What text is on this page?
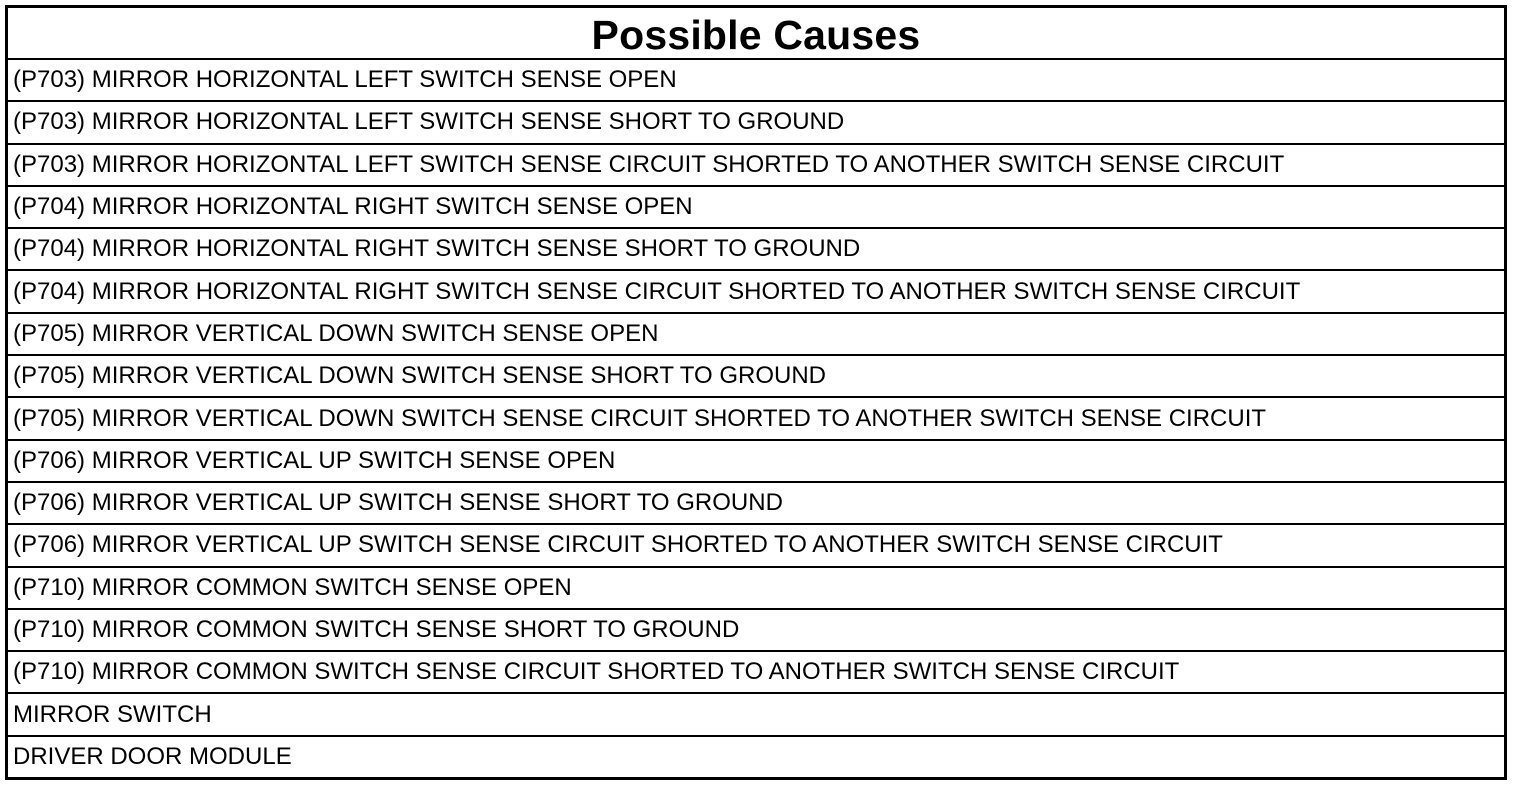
Possible Causes
(P703) MIRROR HORIZONTAL LEFT SWITCH SENSE OPEN
(P703) MIRROR HORIZONTAL LEFT SWITCH SENSE SHORT TO GROUND
(P703) MIRROR HORIZONTAL LEFT SWITCH SENSE CIRCUIT SHORTED TO ANOTHER SWITCH SENSE CIRCUIT
(P704) MIRROR HORIZONTAL RIGHT SWITCH SENSE OPEN
(P704) MIRROR HORIZONTAL RIGHT SWITCH SENSE SHORT TO GROUND
(P704) MIRROR HORIZONTAL RIGHT SWITCH SENSE CIRCUIT SHORTED TO ANOTHER SWITCH SENSE CIRCUIT
(P705) MIRROR VERTICAL DOWN SWITCH SENSE OPEN
(P705) MIRROR VERTICAL DOWN SWITCH SENSE SHORT TO GROUND
(P705) MIRROR VERTICAL DOWN SWITCH SENSE CIRCUIT SHORTED TO ANOTHER SWITCH SENSE CIRCUIT
(P706) MIRROR VERTICAL UP SWITCH SENSE OPEN
(P706) MIRROR VERTICAL UP SWITCH SENSE SHORT TO GROUND
(P706) MIRROR VERTICAL UP SWITCH SENSE CIRCUIT SHORTED TO ANOTHER SWITCH SENSE CIRCUIT
(P710) MIRROR COMMON SWITCH SENSE OPEN
(P710) MIRROR COMMON SWITCH SENSE SHORT TO GROUND
(P710) MIRROR COMMON SWITCH SENSE CIRCUIT SHORTED TO ANOTHER SWITCH SENSE CIRCUIT
MIRROR SWITCH
DRIVER DOOR MODULE
